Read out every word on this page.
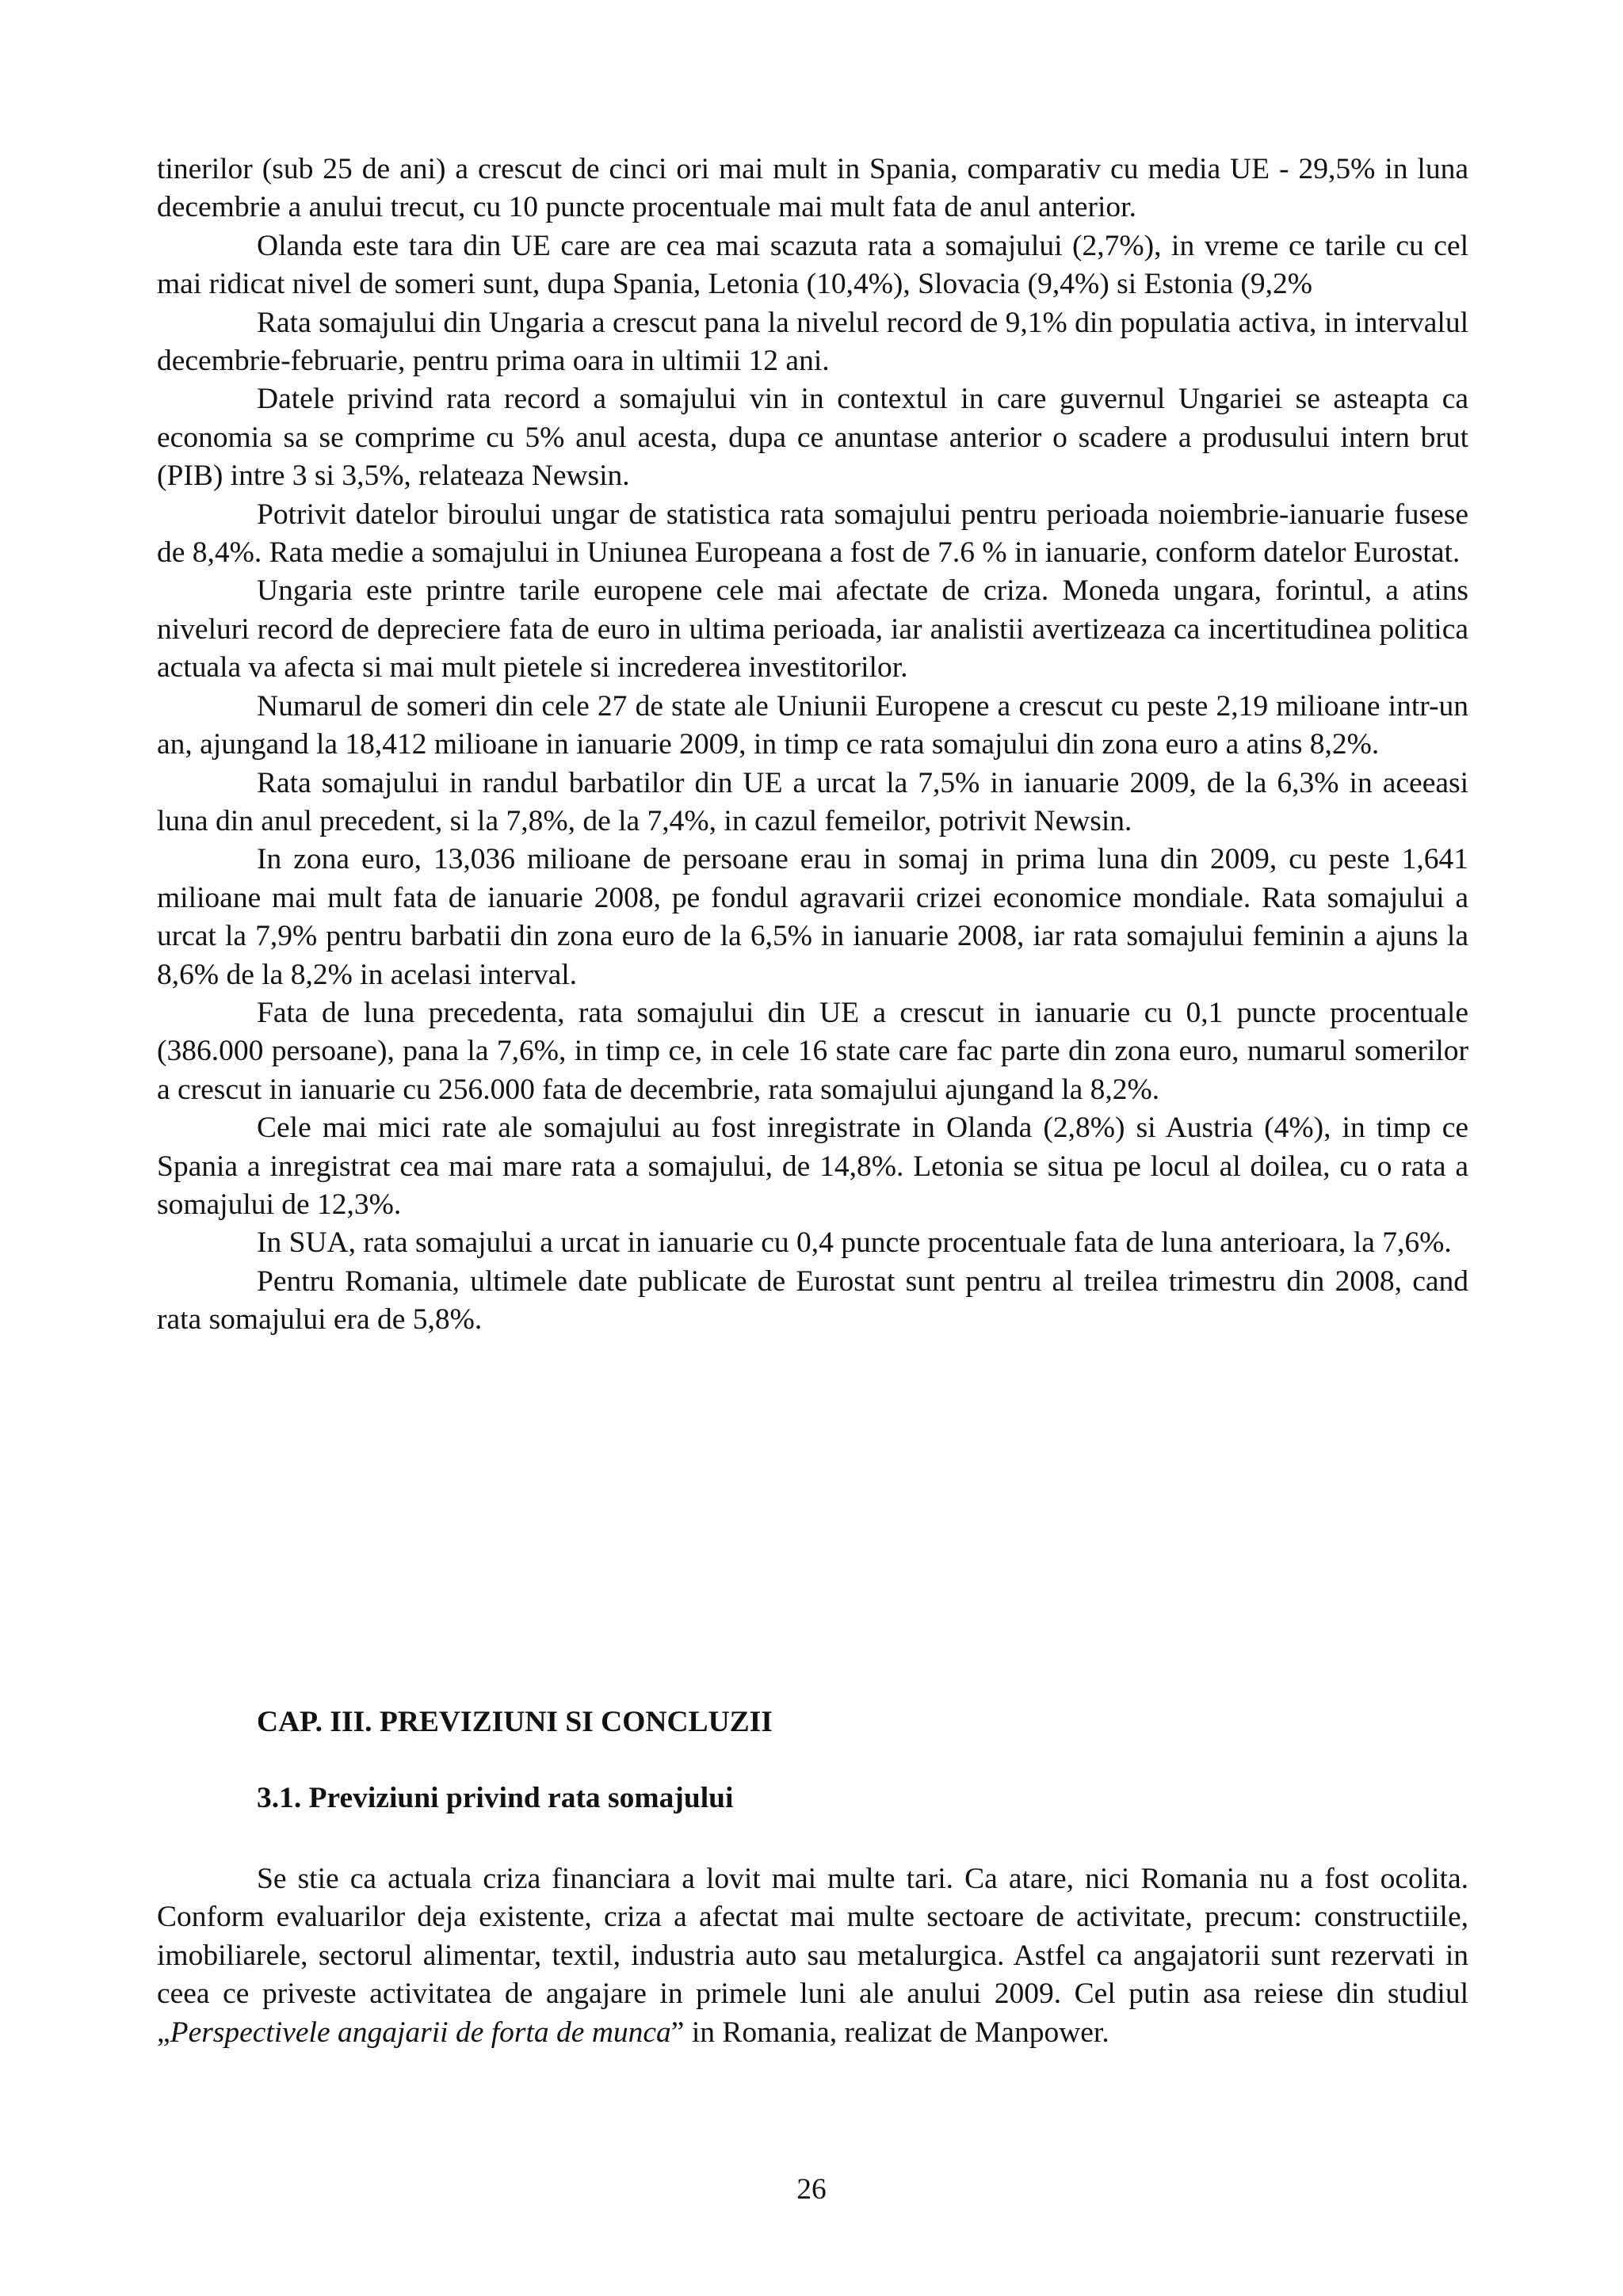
tinerilor (sub 25 de ani) a crescut de cinci ori mai mult in Spania, comparativ cu media UE - 29,5% in luna decembrie a anului trecut, cu 10 puncte procentuale mai mult fata de anul anterior.

Olanda este tara din UE care are cea mai scazuta rata a somajului (2,7%), in vreme ce tarile cu cel mai ridicat nivel de someri sunt, dupa Spania, Letonia (10,4%), Slovacia (9,4%) si Estonia (9,2%

Rata somajului din Ungaria a crescut pana la nivelul record de 9,1% din populatia activa, in intervalul decembrie-februarie, pentru prima oara in ultimii 12 ani.

Datele privind rata record a somajului vin in contextul in care guvernul Ungariei se asteapta ca economia sa se comprime cu 5% anul acesta, dupa ce anuntase anterior o scadere a produsului intern brut (PIB) intre 3 si 3,5%, relateaza Newsin.

Potrivit datelor biroului ungar de statistica rata somajului pentru perioada noiembrie-ianuarie fusese de 8,4%. Rata medie a somajului in Uniunea Europeana a fost de 7.6 % in ianuarie, conform datelor Eurostat.

Ungaria este printre tarile europene cele mai afectate de criza. Moneda ungara, forintul, a atins niveluri record de depreciere fata de euro in ultima perioada, iar analistii avertizeaza ca incertitudinea politica actuala va afecta si mai mult pietele si increderea investitorilor.

Numarul de someri din cele 27 de state ale Uniunii Europene a crescut cu peste 2,19 milioane intr-un an, ajungand la 18,412 milioane in ianuarie 2009, in timp ce rata somajului din zona euro a atins 8,2%.

Rata somajului in randul barbatilor din UE a urcat la 7,5% in ianuarie 2009, de la 6,3% in aceeasi luna din anul precedent, si la 7,8%, de la 7,4%, in cazul femeilor, potrivit Newsin.

In zona euro, 13,036 milioane de persoane erau in somaj in prima luna din 2009, cu peste 1,641 milioane mai mult fata de ianuarie 2008, pe fondul agravarii crizei economice mondiale. Rata somajului a urcat la 7,9% pentru barbatii din zona euro de la 6,5% in ianuarie 2008, iar rata somajului feminin a ajuns la 8,6% de la 8,2% in acelasi interval.

Fata de luna precedenta, rata somajului din UE a crescut in ianuarie cu 0,1 puncte procentuale (386.000 persoane), pana la 7,6%, in timp ce, in cele 16 state care fac parte din zona euro, numarul somerilor a crescut in ianuarie cu 256.000 fata de decembrie, rata somajului ajungand la 8,2%.

Cele mai mici rate ale somajului au fost inregistrate in Olanda (2,8%) si Austria (4%), in timp ce Spania a inregistrat cea mai mare rata a somajului, de 14,8%. Letonia se situa pe locul al doilea, cu o rata a somajului de 12,3%.

In SUA, rata somajului a urcat in ianuarie cu 0,4 puncte procentuale fata de luna anterioara, la 7,6%.

Pentru Romania, ultimele date publicate de Eurostat sunt pentru al treilea trimestru din 2008, cand rata somajului era de 5,8%.

CAP. III. PREVIZIUNI SI CONCLUZII
3.1. Previziuni privind rata somajului

Se stie ca actuala criza financiara a lovit mai multe tari. Ca atare, nici Romania nu a fost ocolita. Conform evaluarilor deja existente, criza a afectat mai multe sectoare de activitate, precum: constructiile, imobiliarele, sectorul alimentar, textil, industria auto sau metalurgica. Astfel ca angajatorii sunt rezervati in ceea ce priveste activitatea de angajare in primele luni ale anului 2009. Cel putin asa reiese din studiul „Perspectivele angajarii de forta de munca” in Romania, realizat de Manpower.

26
